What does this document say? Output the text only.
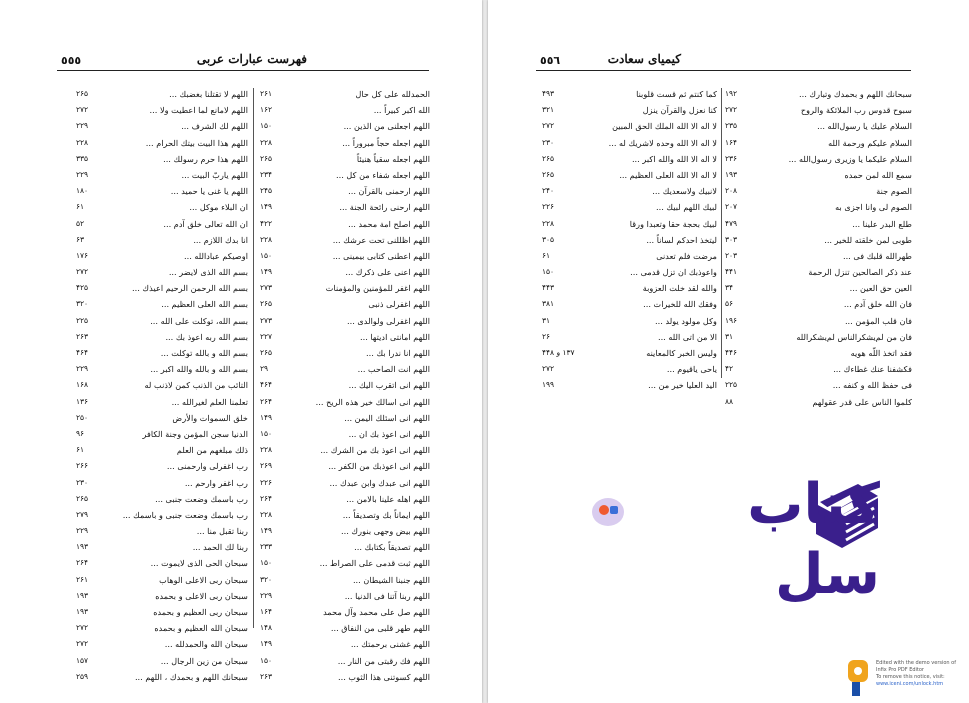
٥٥٥	فهرست عبارات عربی
الحمدلله علی کل حال
۲۶۱
الله اکبر کبیراً ...
۱۶۲
اللهم اجعلنی من الذین ...
۱۵۰
اللهم اجعله حجاً مبروراً ...
۲۲۸
اللهم اجعله سقیاً هنیئاً
۲۶۵
اللهم اجعله شفاء من کل ...
۲۳۴
اللهم ارحمنی بالقرآن ...
۲۴۵
اللهم ارحنی رائحة الجنة ...
۱۴۹
اللهم اصلح امة محمد ...
۴۲۲
اللهم اظللنی تحت عرشك ...
۲۲۸
اللهم اعطنی کتابی بیمینی ...
۱۵۰
اللهم اعنی علی ذکرك ...
۱۴۹
اللهم اغفر للمؤمنین والمؤمنات
۲۷۳
اللهم اغفرلی ذنبی
۲۶۵
اللهم اغفرلی ولوالدی ...
۲۷۳
اللهم امانتی ادیتها ...
۲۲۷
اللهم انا ندرا بك ...
۲۶۵
اللهم انت الصاحب ...
۲۹
اللهم انی اتقرب الیك ...
۴۶۴
اللهم انی اسالك خیر هذه الریح ...
۲۶۴
اللهم انی اسئلك الیمن ...
۱۴۹
اللهم انی اعوذ بك ان ...
۱۵۰
اللهم انی اعوذ بك من الشرك ...
۲۲۸
اللهم انی اعوذبك من الكفر ...
۲۶۹
اللهم انی عبدك وابن عبدك ...
۲۲۶
اللهم اهله علینا بالامن ...
۲۶۴
اللهم ایماناً بك وتصدیقاً ...
۲۲۸
اللهم بیض وجهی بنورك ...
۱۴۹
اللهم تصدیقاً بکتابك ...
۲۳۳
اللهم ثبت قدمی علی الصراط ...
۱۵۰
اللهم جنبنا الشیطان ...
۳۲۰
اللهم ربنا آتنا فی الدنیا ...
۲۲۹
اللهم صل علی محمد وآل محمد
۱۶۴
اللهم طهر قلبی من النفاق ...
۱۴۸
اللهم غشنی برحمتك ...
۱۴۹
اللهم فك رقبتی من النار ...
۱۵۰
اللهم کسوتنی هذا الثوب ...
۲۶۳
اللهم لا تقتلنا بغضبك ...
۲۶۵
اللهم لامانع لما اعطیت ولا ...
۲۷۲
اللهم لك الشرف ...
۲۲۹
اللهم هذا البیت بیتك الحرام ...
۲۲۸
اللهم هذا حرم رسولك ...
۳۳۵
اللهم یاربّ البیت ...
۲۲۹
اللهم یا غنی یا حمید ...
۱۸۰
ان البلاء موکل ...
۶۱
ان الله تعالی خلق آدم ...
۵۲
انا بدك اللازم ...
۶۳
اوصیکم عبادالله ...
۱۷۶
بسم الله الذی لایضر ...
۲۷۲
بسم الله الرحمن الرحیم اعیذك ...
۴۲۵
بسم الله العلی العظیم ...
۳۲۰
بسم الله، توکلت علی الله ...
۲۲۵
بسم الله ربه اعوذ بك ...
۲۶۳
بسم الله و بالله توکلت ...
۴۶۴
بسم الله و بالله والله اکبر ...
۲۲۹
التائب من الذنب کمن لاذنب له
۱۶۸
تعلمنا العلم لغیرالله ...
۱۳۶
خلق السموات والأرض
۲۵۰
الدنیا سجن المؤمن وجنة الکافر
۹۶
ذلك مبلغهم من العلم
۶۱
رب اغفرلی وارحمنی ...
۲۶۶
رب اغفر وارحم ...
۲۳۰
رب باسمك وضعت جنبی ...
۲۶۵
رب باسمك وضعت جنبی و باسمك ...
۲۷۹
ربنا تقبل منا ...
۲۲۹
ربنا لك الحمد ...
۱۹۳
سبحان الحی الذی لایموت ...
۲۶۴
سبحان ربی الاعلی الوهاب
۲۶۱
سبحان ربی الاعلی و بحمده
۱۹۳
سبحان ربی العظیم و بحمده
۱۹۳
سبحان الله العظیم و بحمده
۲۷۲
سبحان الله والحمدلله ...
۲۷۲
سبحان من زین الرجال ...
۱۵۷
سبحانك اللهم و بحمدك ، اللهم ...
۲۵۹
٥٥٦	کیمیای سعادت
سبحانك اللهم و بحمدك وتبارك ...
۱۹۲
سبوح قدوس رب الملائکة والروح
۲۷۲
السلام علیك یا رسول‌الله ...
۲۳۵
السلام علیکم ورحمة الله
۱۶۴
السلام علیکما یا وزیری رسول‌الله ...
۲۳۶
سمع الله لمن حمده
۱۹۳
الصوم جنة
۲۰۸
الصوم لی وانا اجزی به
۲۰۷
طلع البدر علینا ...
۴۷۹
طوبی لمن خلقته للخیر ...
۳۰۳
طهرالله قلبك فی ...
۲۰۳
عند ذکر الصالحین تنزل الرحمة
۴۴۱
العین حق العین ...
۳۴
فان الله خلق آدم ...
۵۶
فان قلب المؤمن ...
۱۹۶
فان من لم‌یشکرالناس لم‌یشکرالله
۳۱
فقد اتخذ اللّه هویه
۴۴۶
فکشفنا عنك غطاءك ...
۴۲
فی حفظ الله و کنفه ...
۲۲۵
کلموا الناس علی قدر عقولهم
۸۸
کما کنتم ثم قست قلوبنا
۴۹۳
کنا نعزل والقرآن ینزل
۳۲۱
لا اله الا الله الملك الحق المبین
۲۷۲
لا اله الا الله وحده لاشریك له ...
۲۳۰
لا اله الا الله والله اکبر ...
۲۶۵
لا اله الا الله العلی العظیم ...
۲۶۵
لانبیك ولاسعدیك ...
۲۴۰
لبیك اللهم لبیك ...
۲۲۶
لبیك بحجة حقا وتعبدا ورقا
۲۲۸
لیتخذ احدکم لساناً ...
۳۰۵
مرضت فلم تعدنی
۶۱
واعوذبك ان تزل قدمی ...
۱۵۰
والله لقد خلت العزوبة
۴۴۳
وفقك الله للخیرات ...
۳۸۱
وکل مولود یولد ...
۳۱
الا من اتی الله ...
۲۶
ولیس الخبر کالمعاینه
۱۳۷ و ۴۴۸
یاحی یاقیوم ...
۲۷۲
الید العلیا خیر من ...
۱۹۹
کتاب سل
Edited with the demo version of
Infix Pro PDF Editor
To remove this notice, visit:
www.iceni.com/unlock.htm
